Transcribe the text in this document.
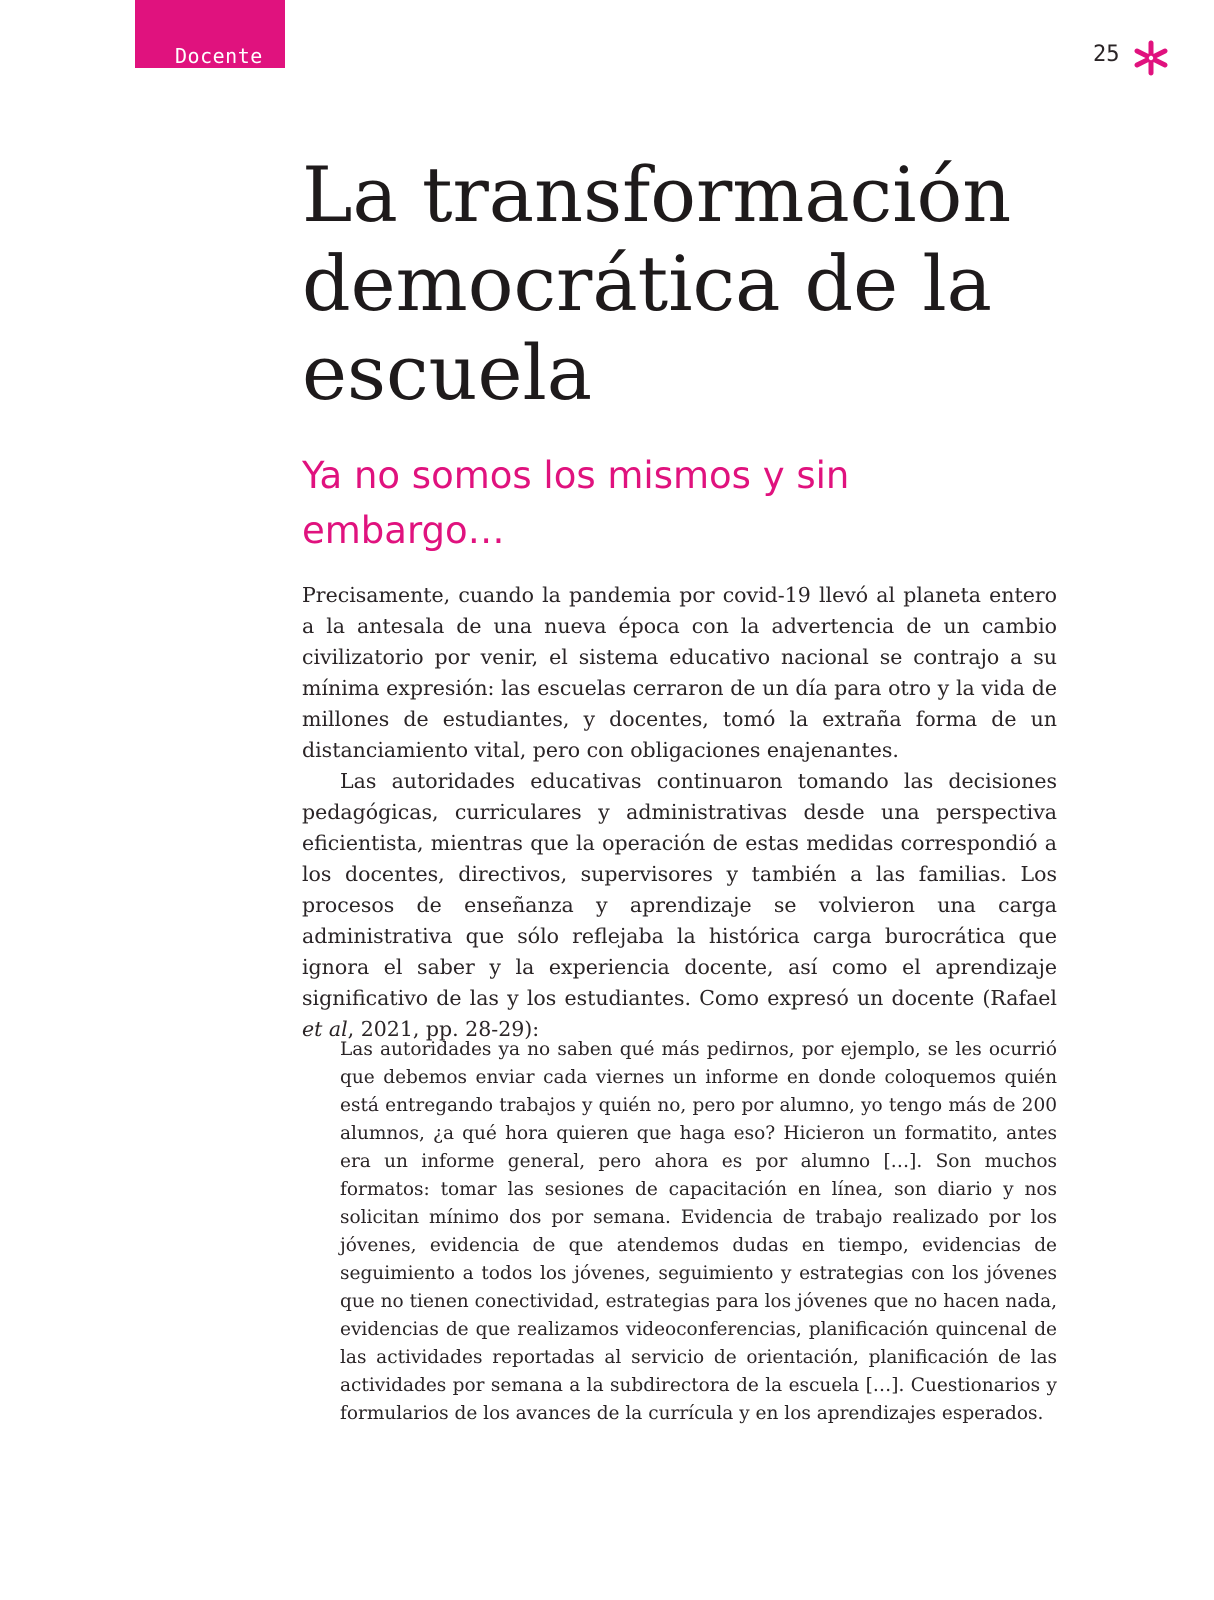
Docente	25
La transformación democrática de la escuela
Ya no somos los mismos y sin embargo…

Precisamente, cuando la pandemia por covid-19 llevó al planeta entero a la antesala de una nueva época con la advertencia de un cambio civilizatorio por venir, el sistema educativo nacional se contrajo a su mínima expresión: las escuelas cerraron de un día para otro y la vida de millones de estudiantes, y docentes, tomó la extraña forma de un distanciamiento vital, pero con obligaciones enajenantes.

Las autoridades educativas continuaron tomando las decisiones pedagógicas, curriculares y administrativas desde una perspectiva eficientista, mientras que la operación de estas medidas correspondió a los docentes, directivos, supervisores y también a las familias. Los procesos de enseñanza y aprendizaje se volvieron una carga administrativa que sólo reflejaba la histórica carga burocrática que ignora el saber y la experiencia docente, así como el aprendizaje significativo de las y los estudiantes. Como expresó un docente (Rafael et al, 2021, pp. 28-29):

Las autoridades ya no saben qué más pedirnos, por ejemplo, se les ocurrió que debemos enviar cada viernes un informe en donde coloquemos quién está entregando trabajos y quién no, pero por alumno, yo tengo más de 200 alumnos, ¿a qué hora quieren que haga eso? Hicieron un formatito, antes era un informe general, pero ahora es por alumno […]. Son muchos formatos: tomar las sesiones de capacitación en línea, son diario y nos solicitan mínimo dos por semana. Evidencia de trabajo realizado por los jóvenes, evidencia de que atendemos dudas en tiempo, evidencias de seguimiento a todos los jóvenes, seguimiento y estrategias con los jóvenes que no tienen conectividad, estrategias para los jóvenes que no hacen nada, evidencias de que realizamos videoconferencias, planificación quincenal de las actividades reportadas al servicio de orientación, planificación de las actividades por semana a la subdirectora de la escuela […]. Cuestionarios y formularios de los avances de la currícula y en los aprendizajes esperados.
